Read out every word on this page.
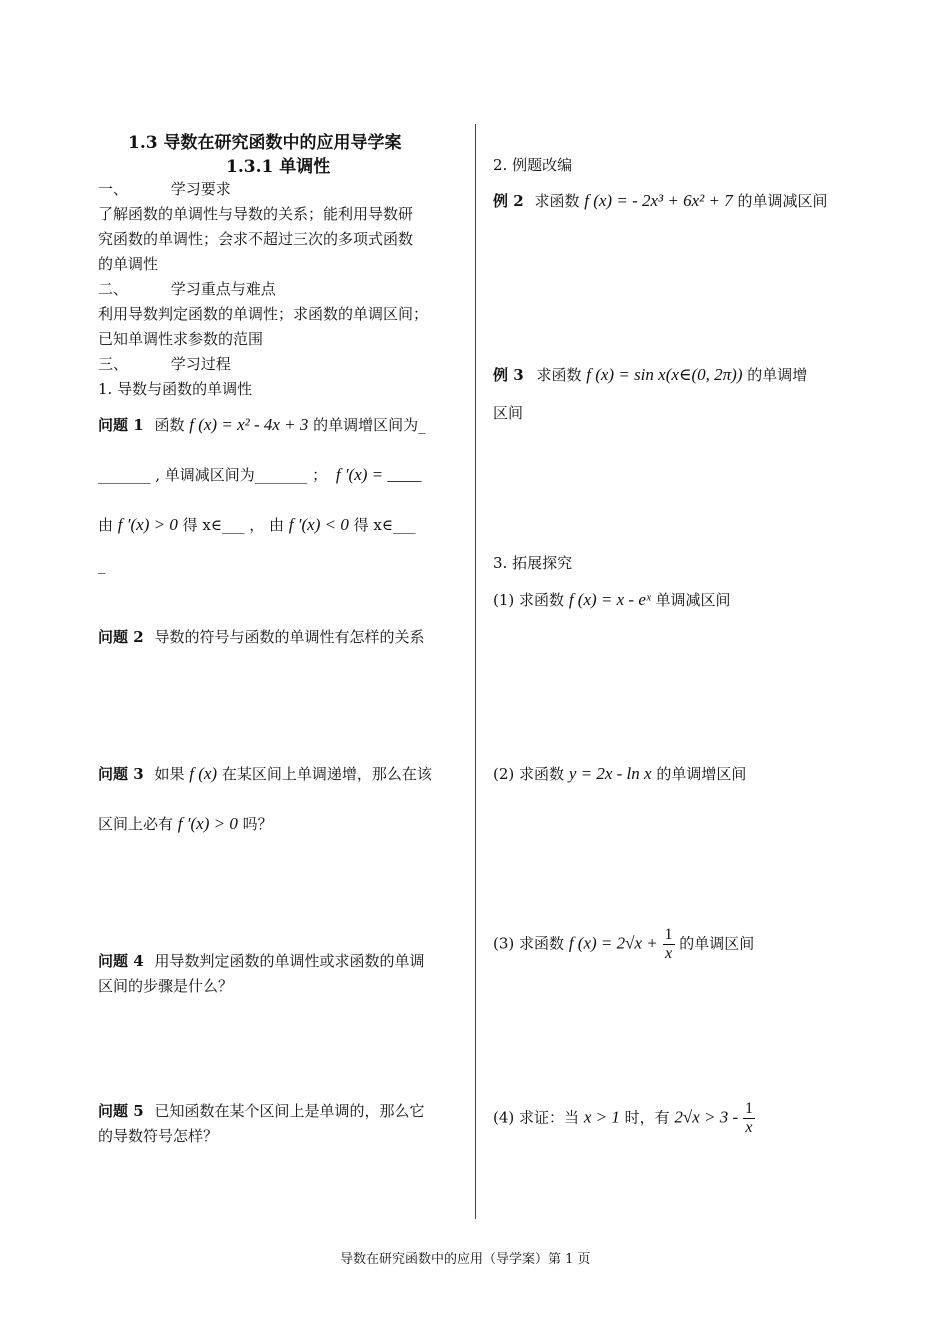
1.3 导数在研究函数中的应用导学案
1.3.1 单调性
一、	学习要求
了解函数的单调性与导数的关系；能利用导数研
究函数的单调性；会求不超过三次的多项式函数
的单调性
二、	学习重点与难点
利用导数判定函数的单调性；求函数的单调区间；
已知单调性求参数的范围
三、	学习过程
1. 导数与函数的单调性
问题 1 函数 f (x) = x² - 4x + 3 的单调增区间为_
_______ , 单调减区间为_______ ； f ′(x) = ____
由 f ′(x) > 0 得 x∈___ ， 由 f ′(x) < 0 得 x∈___
_
问题 2 导数的符号与函数的单调性有怎样的关系
问题 3 如果 f (x) 在某区间上单调递增，那么在该
区间上必有 f ′(x) > 0 吗？
问题 4 用导数判定函数的单调性或求函数的单调
区间的步骤是什么？
问题 5 已知函数在某个区间上是单调的，那么它
的导数符号怎样？
2. 例题改编
例 2 求函数 f (x) = - 2x³ + 6x² + 7 的单调减区间
例 3 求函数 f (x) = sin x(x∈(0, 2π)) 的单调增
区间
3. 拓展探究
(1) 求函数 f (x) = x - eˣ 单调减区间
(2) 求函数 y = 2x - ln x 的单调增区间
(3) 求函数 f $(x) = 2√x + \frac{1}{x}$ 的单调区间
(4) 求证：当 x > 1 时，有 $2√x > 3 - \frac{1}{x}$
导数在研究函数中的应用（导学案）第 1 页
